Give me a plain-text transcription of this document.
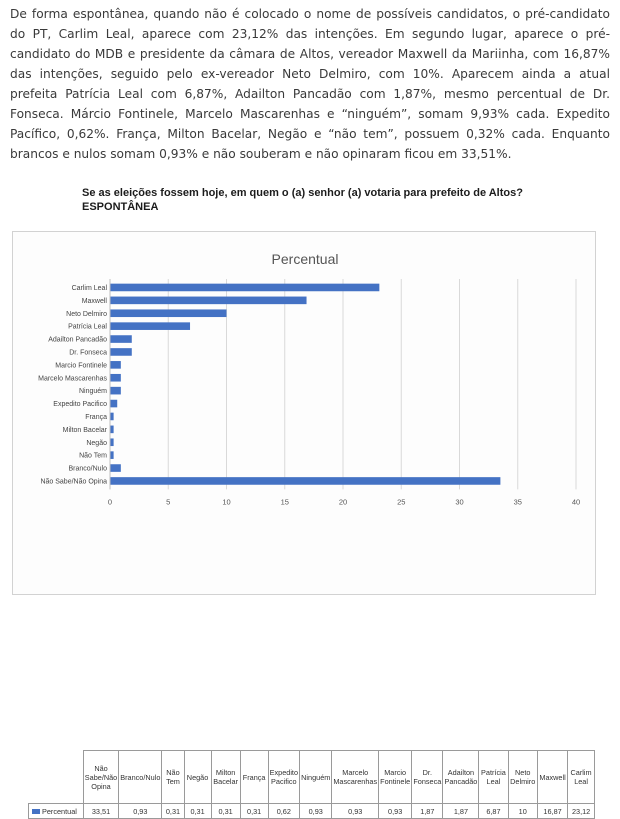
De forma espontânea, quando não é colocado o nome de possíveis candidatos, o pré-candidato do PT, Carlim Leal, aparece com 23,12% das intenções. Em segundo lugar, aparece o pré-candidato do MDB e presidente da câmara de Altos, vereador Maxwell da Mariinha, com 16,87% das intenções, seguido pelo ex-vereador Neto Delmiro, com 10%. Aparecem ainda a atual prefeita Patrícia Leal com 6,87%, Adailton Pancadão com 1,87%, mesmo percentual de Dr. Fonseca. Márcio Fontinele, Marcelo Mascarenhas e “ninguém”, somam 9,93% cada. Expedito Pacífico, 0,62%. França, Milton Bacelar, Negão e “não tem”, possuem 0,32% cada. Enquanto brancos e nulos somam 0,93% e não souberam e não opinaram ficou em 33,51%.

Se as eleições fossem hoje, em quem o (a) senhor (a) votaria para prefeito de Altos?
ESPONTÂNEA
Percentual
0	5	10	15	20	25	30	35	40
Carlim Leal
Maxwell
Neto Delmiro
Patrícia Leal
Adailton Pancadão
Dr. Fonseca
Marcio Fontinele
Marcelo Mascarenhas
Ninguém
Expedito Pacifico
França
Milton Bacelar
Negão
Não Tem
Branco/Nulo
Não Sabe/Não Opina
	Não Sabe/Não Opina	Branco/Nulo	Não Tem	Negão	Milton Bacelar	França	Expedito Pacifico	Ninguém	Marcelo Mascarenhas	Marcio Fontinele	Dr. Fonseca	Adailton Pancadão	Patrícia Leal	Neto Delmiro	Maxwell	Carlim Leal
Percentual	33,51	0,93	0,31	0,31	0,31	0,31	0,62	0,93	0,93	0,93	1,87	1,87	6,87	10	16,87	23,12
